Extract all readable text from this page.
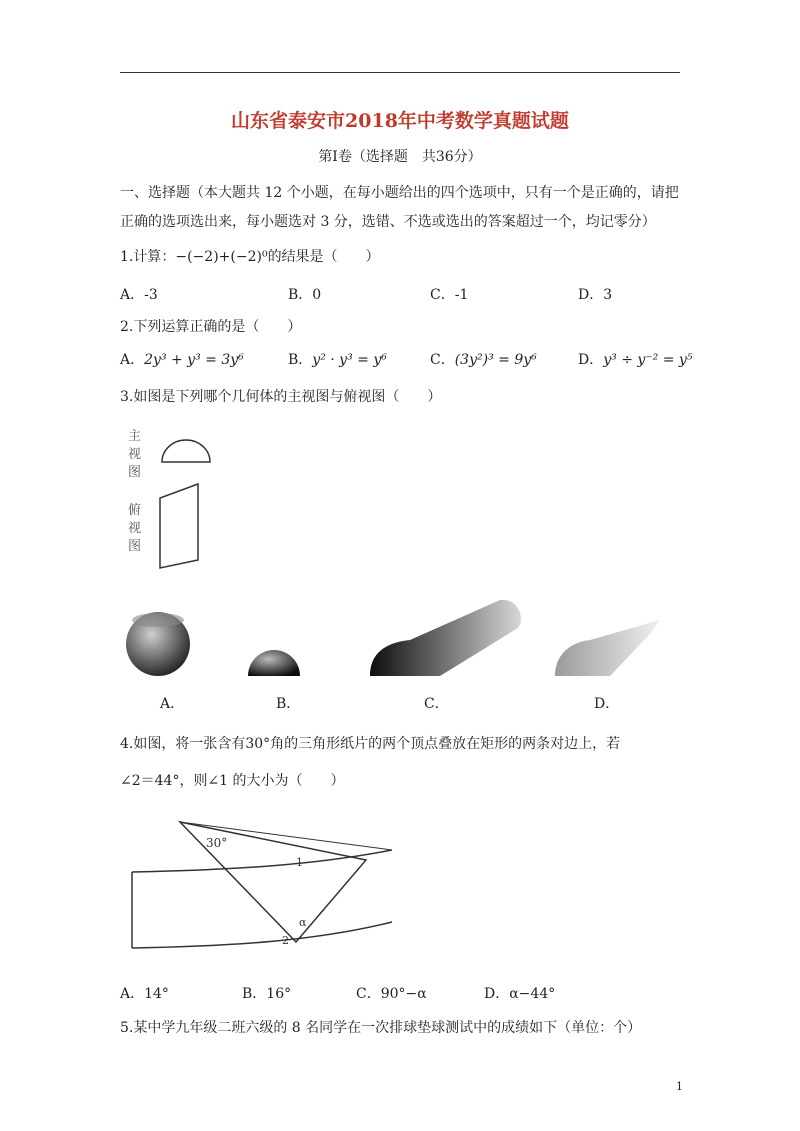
山东省泰安市2018年中考数学真题试题
第Ⅰ卷（选择题　共36分）
一、选择题（本大题共 12 个小题，在每小题给出的四个选项中，只有一个是正确的，请把
正确的选项选出来，每小题选对 3 分，选错、不选或选出的答案超过一个，均记零分）
1.计算：−(−2)+(−2)⁰的结果是（　　）
A．-3	B．0	C．-1	D．3
2.下列运算正确的是（　　）
A．2y³ + y³ = 3y⁶	B．y² · y³ = y⁶	C．(3y²)³ = 9y⁶	D．y³ ÷ y⁻² = y⁵
3.如图是下列哪个几何体的主视图与俯视图（　　）
主视图
俯视图
A．	B．	C．	D．
4.如图，将一张含有30°角的三角形纸片的两个顶点叠放在矩形的两条对边上，若
∠2＝44°，则∠1 的大小为（　　）
30°
1
2
α
A．14°	B．16°	C．90°−α	D．α−44°
5.某中学九年级二班六级的 8 名同学在一次排球垫球测试中的成绩如下（单位：个）
1
